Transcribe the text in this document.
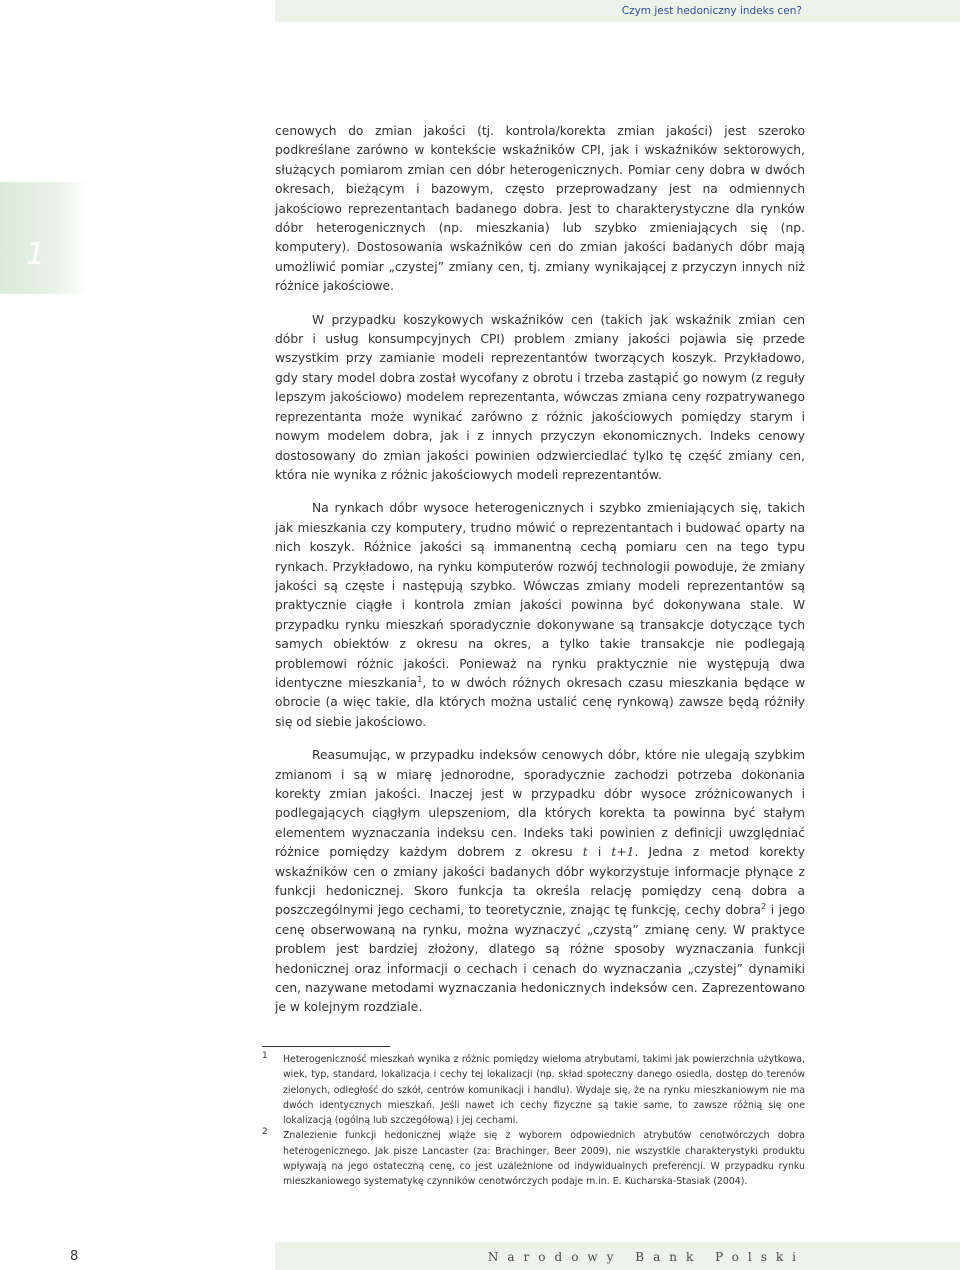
Czym jest hedoniczny indeks cen?
1

cenowych do zmian jakości (tj. kontrola/korekta zmian jakości) jest szeroko podkreślane zarówno w kontekście wskaźników CPI, jak i wskaźników sektorowych, służących pomiarom zmian cen dóbr heterogenicznych. Pomiar ceny dobra w dwóch okresach, bieżącym i bazowym, często przeprowadzany jest na odmiennych jakościowo reprezentantach badanego dobra. Jest to charakterystyczne dla rynków dóbr heterogenicznych (np. mieszkania) lub szybko zmieniających się (np. komputery). Dostosowania wskaźników cen do zmian jakości badanych dóbr mają umożliwić pomiar „czystej” zmiany cen, tj. zmiany wynikającej z przyczyn innych niż różnice jakościowe.

W przypadku koszykowych wskaźników cen (takich jak wskaźnik zmian cen dóbr i usług konsumpcyjnych CPI) problem zmiany jakości pojawia się przede wszystkim przy zamianie modeli reprezentantów tworzących koszyk. Przykładowo, gdy stary model dobra został wycofany z obrotu i trzeba zastąpić go nowym (z reguły lepszym jakościowo) modelem reprezentanta, wówczas zmiana ceny rozpatrywanego reprezentanta może wynikać zarówno z różnic jakościowych pomiędzy starym i nowym modelem dobra, jak i z innych przyczyn ekonomicznych. Indeks cenowy dostosowany do zmian jakości powinien odzwierciedlać tylko tę część zmiany cen, która nie wynika z różnic jakościowych modeli reprezentantów.

Na rynkach dóbr wysoce heterogenicznych i szybko zmieniających się, takich jak mieszkania czy komputery, trudno mówić o reprezentantach i budować oparty na nich koszyk. Różnice jakości są immanentną cechą pomiaru cen na tego typu rynkach. Przykładowo, na rynku komputerów rozwój technologii powoduje, że zmiany jakości są częste i następują szybko. Wówczas zmiany modeli reprezentantów są praktycznie ciągłe i kontrola zmian jakości powinna być dokonywana stale. W przypadku rynku mieszkań sporadycznie dokonywane są transakcje dotyczące tych samych obiektów z okresu na okres, a tylko takie transakcje nie podlegają problemowi różnic jakości. Ponieważ na rynku praktycznie nie występują dwa identyczne mieszkania$^1$, to w dwóch różnych okresach czasu mieszkania będące w obrocie (a więc takie, dla których można ustalić cenę rynkową) zawsze będą różniły się od siebie jakościowo.

Reasumując, w przypadku indeksów cenowych dóbr, które nie ulegają szybkim zmianom i są w miarę jednorodne, sporadycznie zachodzi potrzeba dokonania korekty zmian jakości. Inaczej jest w przypadku dóbr wysoce zróżnicowanych i podlegających ciągłym ulepszeniom, dla których korekta ta powinna być stałym elementem wyznaczania indeksu cen. Indeks taki powinien z definicji uwzględniać różnice pomiędzy każdym dobrem z okresu t i t+1. Jedna z metod korekty wskaźników cen o zmiany jakości badanych dóbr wykorzystuje informacje płynące z funkcji hedonicznej. Skoro funkcja ta określa relację pomiędzy ceną dobra a poszczególnymi jego cechami, to teoretycznie, znając tę funkcję, cechy dobra$^2$ i jego cenę obserwowaną na rynku, można wyznaczyć „czystą” zmianę ceny. W praktyce problem jest bardziej złożony, dlatego są różne sposoby wyznaczania funkcji hedonicznej oraz informacji o cechach i cenach do wyznaczania „czystej” dynamiki cen, nazywane metodami wyznaczania hedonicznych indeksów cen. Zaprezentowano je w kolejnym rozdziale.

1 Heterogeniczność mieszkań wynika z różnic pomiędzy wieloma atrybutami, takimi jak powierzchnia użytkowa, wiek, typ, standard, lokalizacja i cechy tej lokalizacji (np. skład społeczny danego osiedla, dostęp do terenów zielonych, odległość do szkół, centrów komunikacji i handlu). Wydaje się, że na rynku mieszkaniowym nie ma dwóch identycznych mieszkań. Jeśli nawet ich cechy fizyczne są takie same, to zawsze różnią się one lokalizacją (ogólną lub szczegółową) i jej cechami.

2 Znalezienie funkcji hedonicznej wiąże się z wyborem odpowiednich atrybutów cenotwórczych dobra heterogenicznego. Jak pisze Lancaster (za: Brachinger, Beer 2009), nie wszystkie charakterystyki produktu wpływają na jego ostateczną cenę, co jest uzależnione od indywidualnych preferencji. W przypadku rynku mieszkaniowego systematykę czynników cenotwórczych podaje m.in. E. Kucharska-Stasiak (2004).

8	Narodowy Bank Polski
